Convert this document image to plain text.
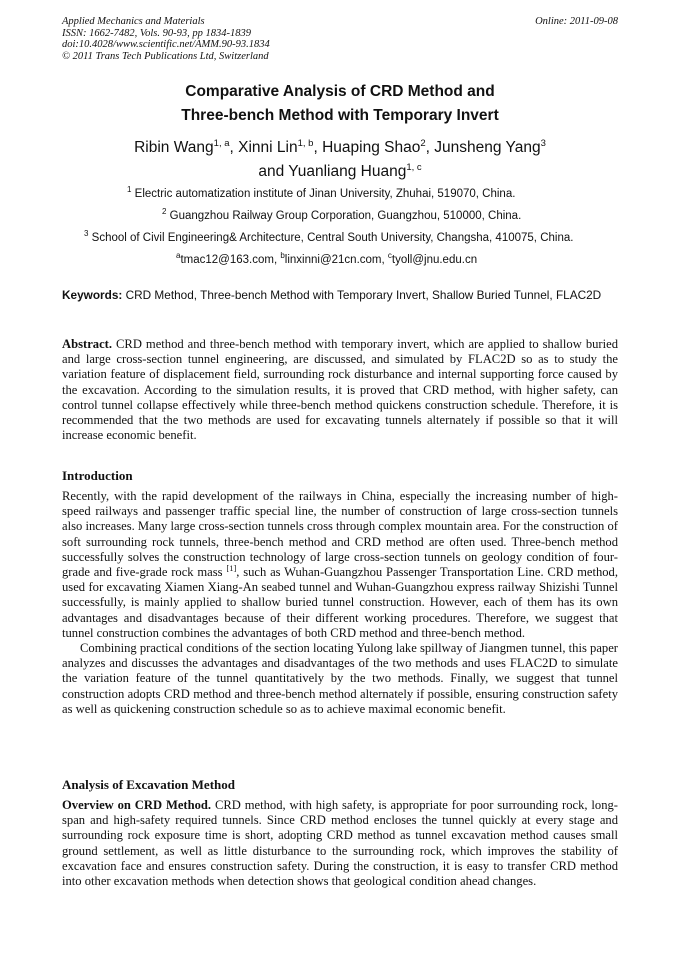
Applied Mechanics and Materials
ISSN: 1662-7482, Vols. 90-93, pp 1834-1839
doi:10.4028/www.scientific.net/AMM.90-93.1834
© 2011 Trans Tech Publications Ltd, Switzerland
Online: 2011-09-08
Comparative Analysis of CRD Method and
Three-bench Method with Temporary Invert
Ribin Wang$^{1, a}$, Xinni Lin$^{1, b}$, Huaping Shao$^2$, Junsheng Yang$^3$
and Yuanliang Huang$^{1, c}$
$^1$ Electric automatization institute of Jinan University, Zhuhai, 519070, China.
$^2$ Guangzhou Railway Group Corporation, Guangzhou, 510000, China.
$^3$ School of Civil Engineering& Architecture, Central South University, Changsha, 410075, China.
$^a$tmac12@163.com, $^b$linxinni@21cn.com, $^c$tyoll@jnu.edu.cn
Keywords: CRD Method, Three-bench Method with Temporary Invert, Shallow Buried Tunnel, FLAC2D
Abstract. CRD method and three-bench method with temporary invert, which are applied to shallow buried and large cross-section tunnel engineering, are discussed, and simulated by FLAC2D so as to study the variation feature of displacement field, surrounding rock disturbance and internal supporting force caused by the excavation. According to the simulation results, it is proved that CRD method, with higher safety, can control tunnel collapse effectively while three-bench method quickens construction schedule. Therefore, it is recommended that the two methods are used for excavating tunnels alternately if possible so that it will increase economic benefit.
Introduction
Recently, with the rapid development of the railways in China, especially the increasing number of high-speed railways and passenger traffic special line, the number of construction of large cross-section tunnels also increases. Many large cross-section tunnels cross through complex mountain area. For the construction of soft surrounding rock tunnels, three-bench method and CRD method are often used. Three-bench method successfully solves the construction technology of large cross-section tunnels on geology condition of four-grade and five-grade rock mass [1], such as Wuhan-Guangzhou Passenger Transportation Line. CRD method, used for excavating Xiamen Xiang-An seabed tunnel and Wuhan-Guangzhou express railway Shizishi Tunnel successfully, is mainly applied to shallow buried tunnel construction. However, each of them has its own advantages and disadvantages because of their different working procedures. Therefore, we suggest that tunnel construction combines the advantages of both CRD method and three-bench method.
Combining practical conditions of the section locating Yulong lake spillway of Jiangmen tunnel, this paper analyzes and discusses the advantages and disadvantages of the two methods and uses FLAC2D to simulate the variation feature of the tunnel quantitatively by the two methods. Finally, we suggest that tunnel construction adopts CRD method and three-bench method alternately if possible, ensuring construction safety as well as quickening construction schedule so as to achieve maximal economic benefit.
Analysis of Excavation Method
Overview on CRD Method. CRD method, with high safety, is appropriate for poor surrounding rock, long-span and high-safety required tunnels. Since CRD method encloses the tunnel quickly at every stage and surrounding rock exposure time is short, adopting CRD method as tunnel excavation method causes small ground settlement, as well as little disturbance to the surrounding rock, which improves the stability of excavation face and ensures construction safety. During the construction, it is easy to transfer CRD method into other excavation methods when detection shows that geological condition ahead changes.
